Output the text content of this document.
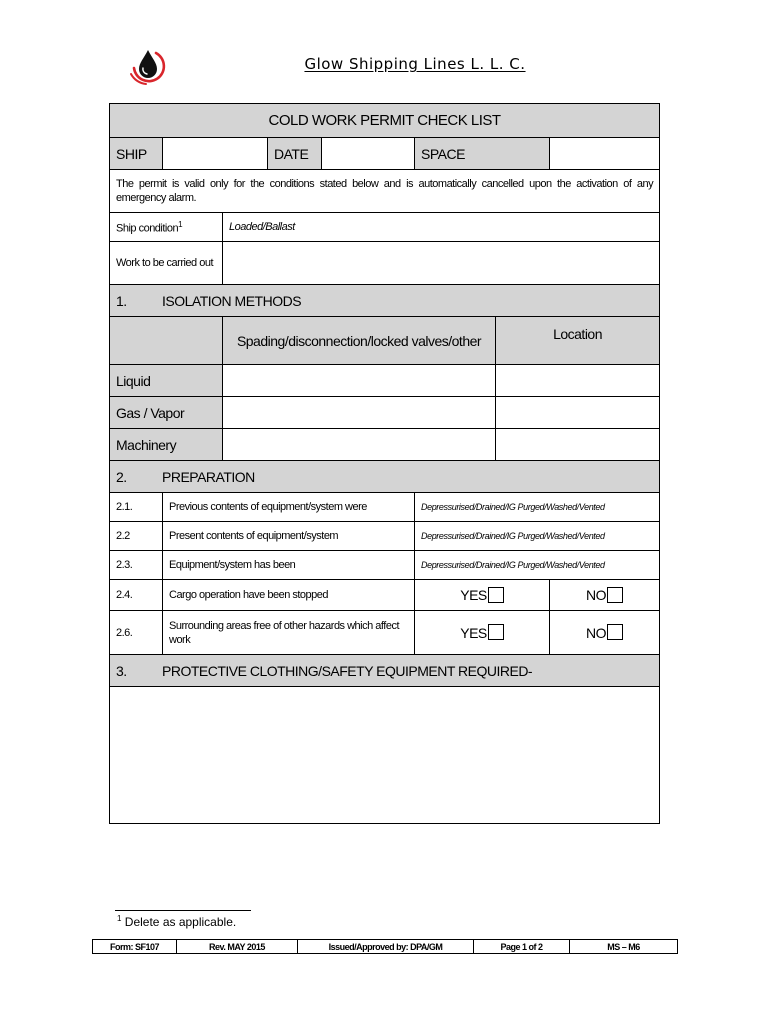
Glow Shipping Lines L. L. C.
COLD WORK PERMIT CHECK LIST							
SHIP			DATE		SPACE		
The permit is valid only for the conditions stated below and is automatically cancelled upon the activation of any emergency alarm.							
Ship condition$^1$		Loaded/Ballast					
Work to be carried out							
1. ISOLATION METHODS							
		Spading/disconnection/locked valves/other				Location	
Liquid							
Gas / Vapor							
Machinery							
2. PREPARATION							
2.1.	Previous contents of equipment/system were				Depressurised/Drained/IG Purged/Washed/Vented		
2.2	Present contents of equipment/system				Depressurised/Drained/IG Purged/Washed/Vented		
2.3.	Equipment/system has been				Depressurised/Drained/IG Purged/Washed/Vented		
2.4.	Cargo operation have been stopped				YES		NO
2.6.	Surrounding areas free of other hazards which affect work				YES		NO
3. PROTECTIVE CLOTHING/SAFETY EQUIPMENT REQUIRED-							

$^1$ Delete as applicable.
Form: SF107	Rev. MAY 2015	Issued/Approved by: DPA/GM	Page 1 of 2	MS – M6
